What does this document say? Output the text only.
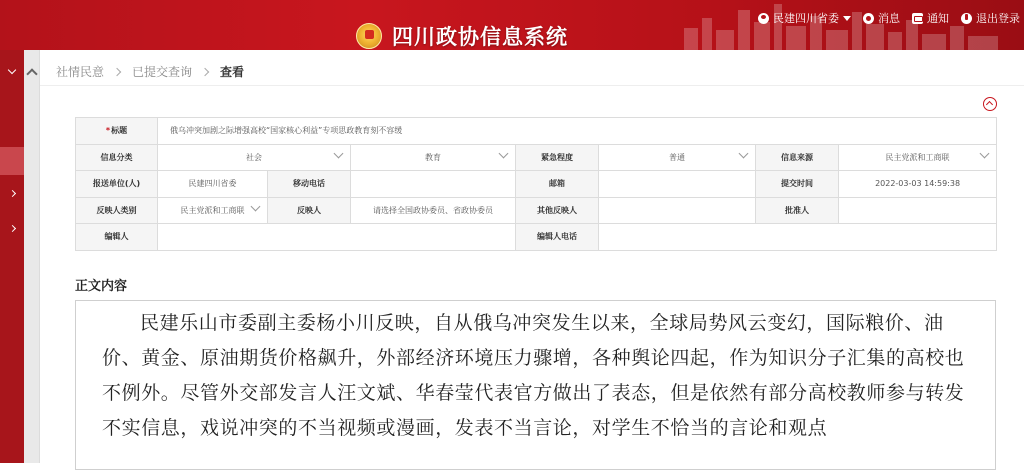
四川政协信息系统
民建四川省委	消息 通知 退出登录
社情民意 已提交查询 查看
*标题	俄乌冲突加剧之际增强高校“国家核心利益”专项思政教育刻不容缓						
信息分类	社会		教育	紧急程度	普通	信息来源	民主党派和工商联

报送单位(人)	民建四川省委	移动电话		邮箱		提交时间	2022-03-03 14:59:38
反映人类别	民主党派和工商联	反映人	请选择全国政协委员、省政协委员	其他反映人		批准人	
编辑人				编辑人电话			
正文内容
民建乐山市委副主委杨小川反映，自从俄乌冲突发生以来，全球局势风云变幻，国际粮价、油价、黄金、原油期货价格飙升，外部经济环境压力骤增，各种舆论四起，作为知识分子汇集的高校也不例外。尽管外交部发言人汪文斌、华春莹代表官方做出了表态，但是依然有部分高校教师参与转发不实信息，戏说冲突的不当视频或漫画，发表不当言论，对学生不恰当的言论和观点
